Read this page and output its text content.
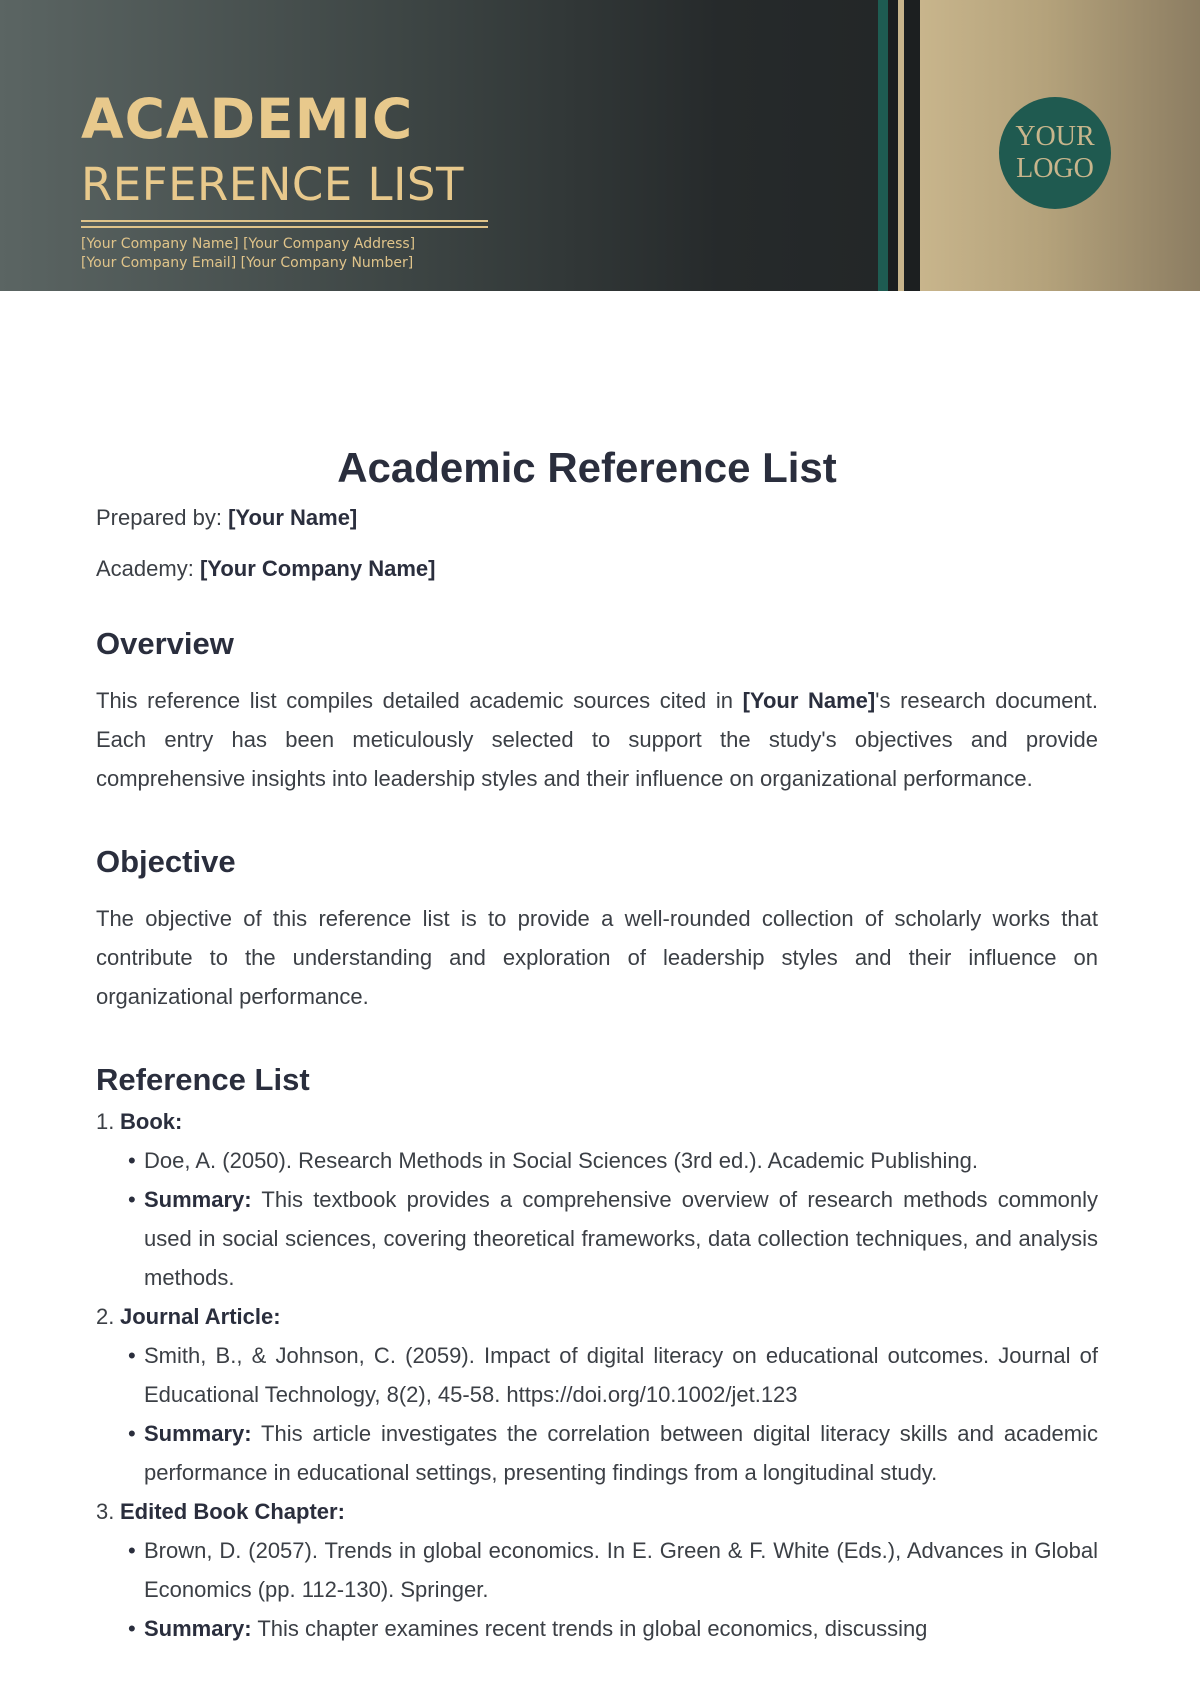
ACADEMIC
REFERENCE LIST
[Your Company Name] [Your Company Address]
[Your Company Email] [Your Company Number]
YOUR
LOGO
Academic Reference List
Prepared by: [Your Name]
Academy: [Your Company Name]
Overview

This reference list compiles detailed academic sources cited in [Your Name]'s research document. Each entry has been meticulously selected to support the study's objectives and provide comprehensive insights into leadership styles and their influence on organizational performance.

Objective

The objective of this reference list is to provide a well-rounded collection of scholarly works that contribute to the understanding and exploration of leadership styles and their influence on organizational performance.

Reference List
1. Book:
• Doe, A. (2050). Research Methods in Social Sciences (3rd ed.). Academic Publishing.
• Summary: This textbook provides a comprehensive overview of research methods commonly used in social sciences, covering theoretical frameworks, data collection techniques, and analysis methods.
2. Journal Article:
• Smith, B., & Johnson, C. (2059). Impact of digital literacy on educational outcomes. Journal of Educational Technology, 8(2), 45-58. https://doi.org/10.1002/jet.123
• Summary: This article investigates the correlation between digital literacy skills and academic performance in educational settings, presenting findings from a longitudinal study.
3. Edited Book Chapter:
• Brown, D. (2057). Trends in global economics. In E. Green & F. White (Eds.), Advances in Global Economics (pp. 112-130). Springer.
• Summary: This chapter examines recent trends in global economics, discussing
